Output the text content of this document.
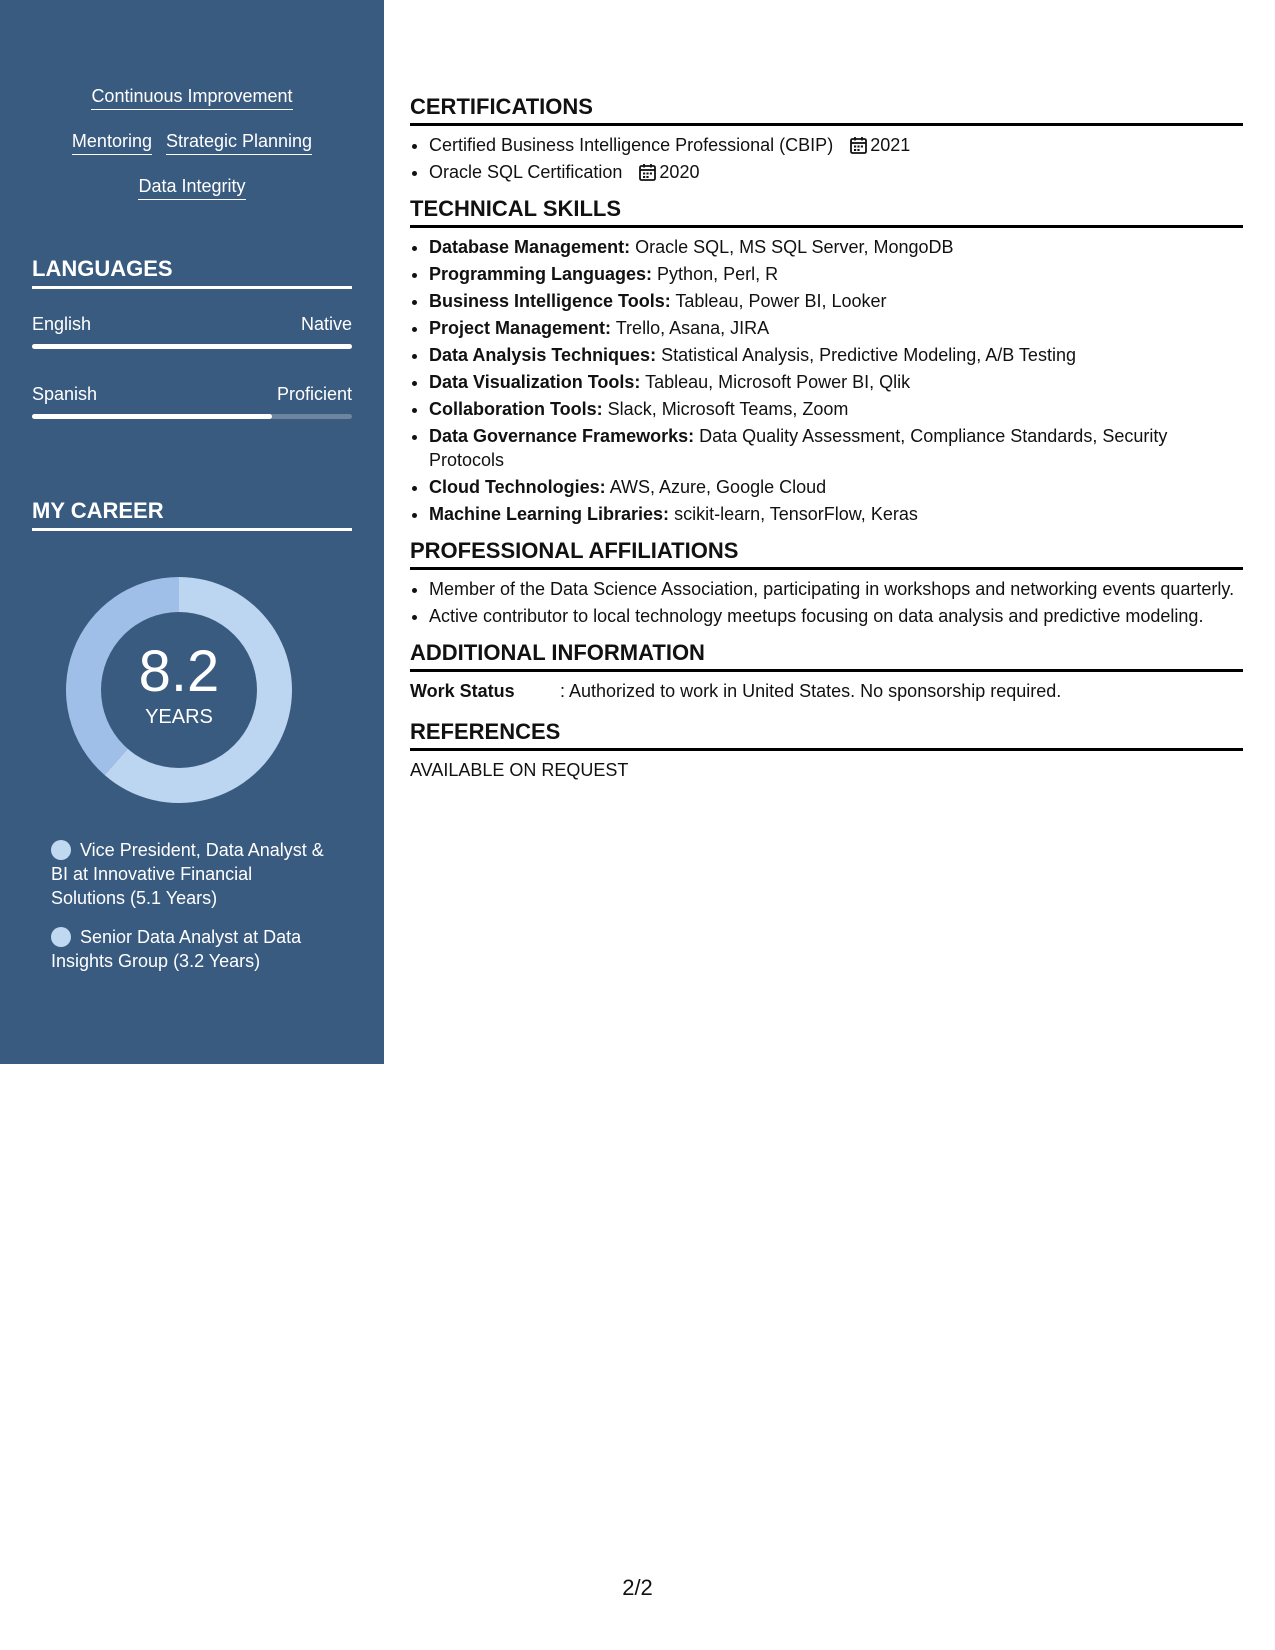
Continuous Improvement
Mentoring Strategic Planning
Data Integrity
LANGUAGES
English	Native
Spanish	Proficient
MY CAREER
8.2
YEARS
Vice President, Data Analyst & BI at Innovative Financial Solutions (5.1 Years)
Senior Data Analyst at Data Insights Group (3.2 Years)
CERTIFICATIONS
• Certified Business Intelligence Professional (CBIP) 2021
• Oracle SQL Certification 2020
TECHNICAL SKILLS
• Database Management: Oracle SQL, MS SQL Server, MongoDB
• Programming Languages: Python, Perl, R
• Business Intelligence Tools: Tableau, Power BI, Looker
• Project Management: Trello, Asana, JIRA
• Data Analysis Techniques: Statistical Analysis, Predictive Modeling, A/B Testing
• Data Visualization Tools: Tableau, Microsoft Power BI, Qlik
• Collaboration Tools: Slack, Microsoft Teams, Zoom
• Data Governance Frameworks: Data Quality Assessment, Compliance Standards, Security Protocols
• Cloud Technologies: AWS, Azure, Google Cloud
• Machine Learning Libraries: scikit-learn, TensorFlow, Keras
PROFESSIONAL AFFILIATIONS
• Member of the Data Science Association, participating in workshops and networking events quarterly.
• Active contributor to local technology meetups focusing on data analysis and predictive modeling.
ADDITIONAL INFORMATION
Work Status	: Authorized to work in United States. No sponsorship required.
REFERENCES
AVAILABLE ON REQUEST
2/2
